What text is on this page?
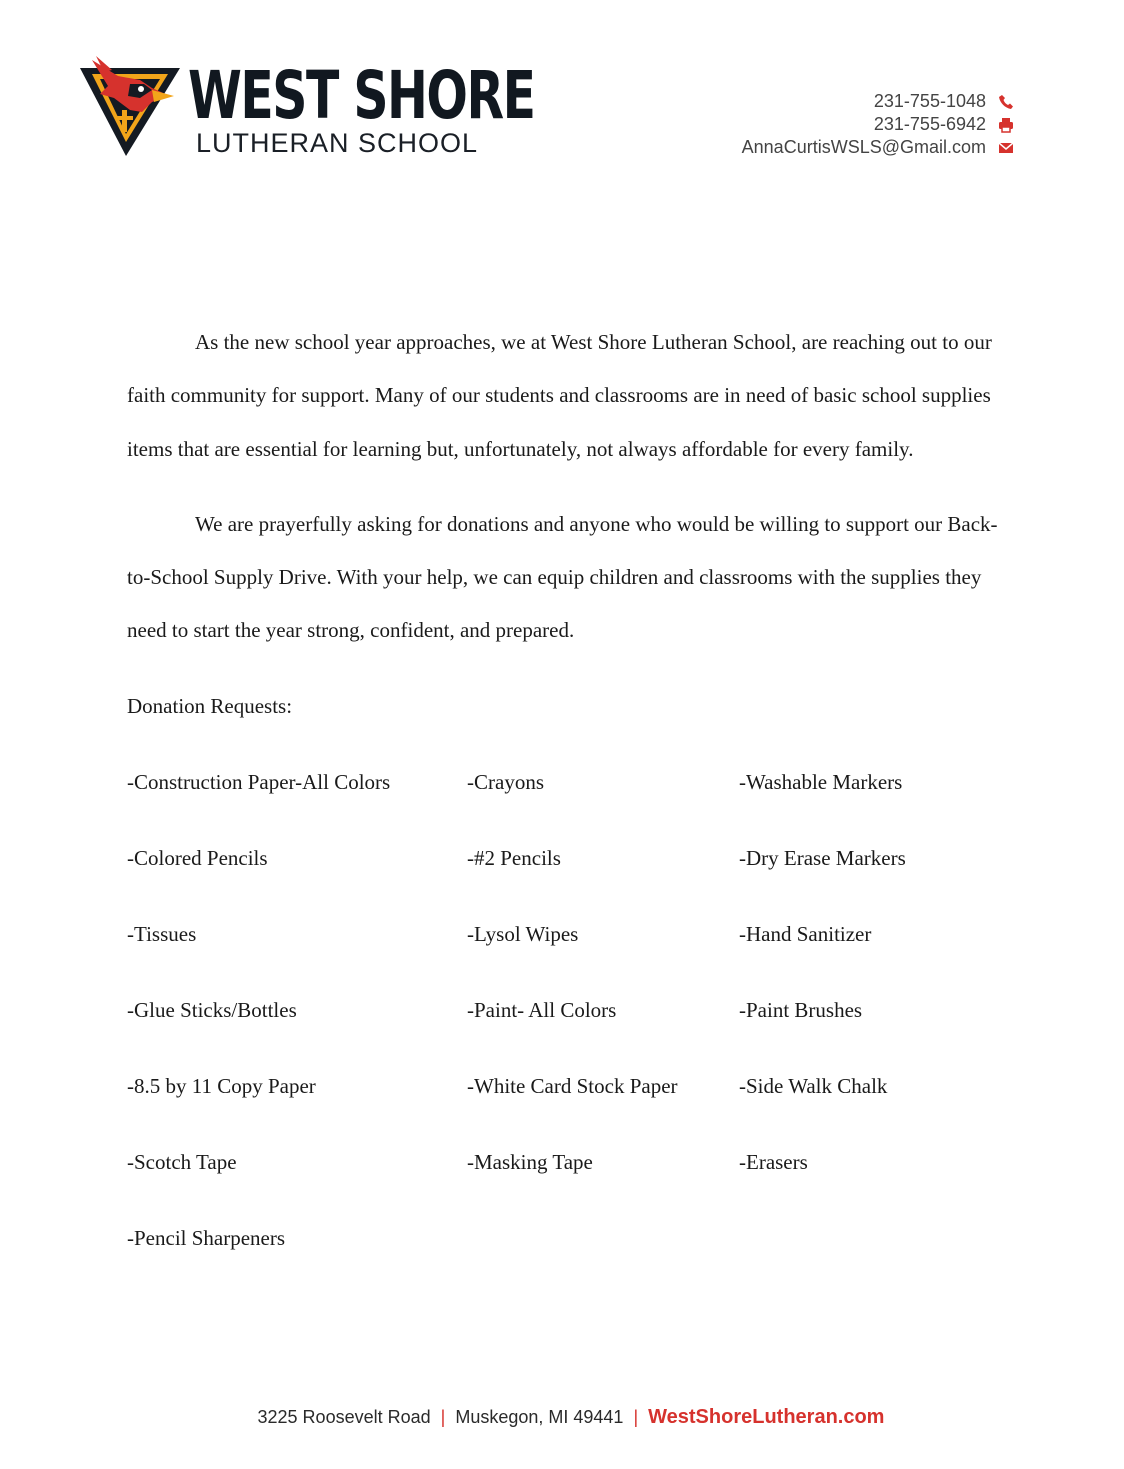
WEST SHORE
LUTHERAN SCHOOL
231-755-1048
231-755-6942
AnnaCurtisWSLS@Gmail.com

As the new school year approaches, we at West Shore Lutheran School, are reaching out to our faith community for support. Many of our students and classrooms are in need of basic school supplies items that are essential for learning but, unfortunately, not always affordable for every family.

We are prayerfully asking for donations and anyone who would be willing to support our Back-to-School Supply Drive. With your help, we can equip children and classrooms with the supplies they need to start the year strong, confident, and prepared.

Donation Requests:

-Construction Paper-All Colors	-Crayons	-Washable Markers
-Colored Pencils	-#2 Pencils	-Dry Erase Markers
-Tissues	-Lysol Wipes	-Hand Sanitizer
-Glue Sticks/Bottles	-Paint- All Colors	-Paint Brushes
-8.5 by 11 Copy Paper	-White Card Stock Paper	-Side Walk Chalk
-Scotch Tape	-Masking Tape	-Erasers
-Pencil Sharpeners
3225 Roosevelt Road | Muskegon, MI 49441 | WestShoreLutheran.com
